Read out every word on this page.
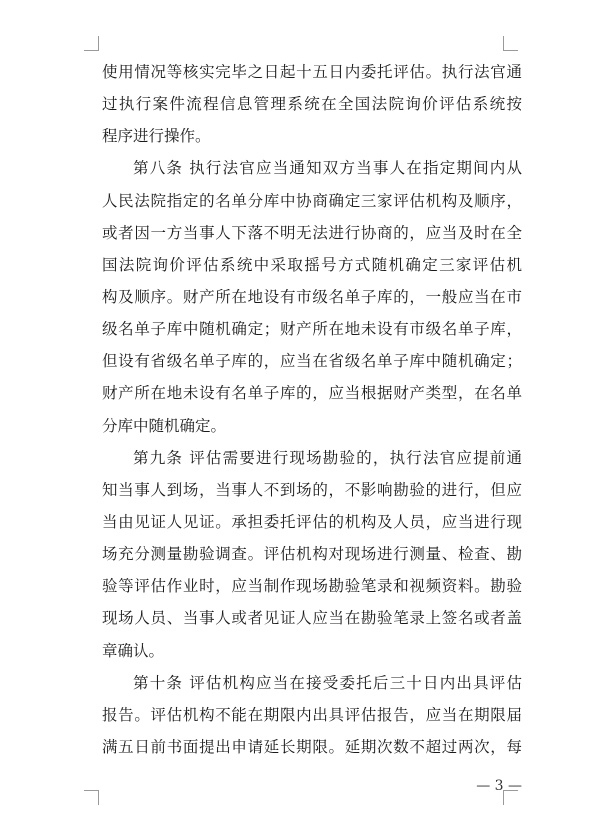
使用情况等核实完毕之日起十五日内委托评估。执行法官通
过执行案件流程信息管理系统在全国法院询价评估系统按
程序进行操作。
第八条 执行法官应当通知双方当事人在指定期间内从
人民法院指定的名单分库中协商确定三家评估机构及顺序，
或者因一方当事人下落不明无法进行协商的，应当及时在全
国法院询价评估系统中采取摇号方式随机确定三家评估机
构及顺序。财产所在地设有市级名单子库的，一般应当在市
级名单子库中随机确定；财产所在地未设有市级名单子库，
但设有省级名单子库的，应当在省级名单子库中随机确定；
财产所在地未设有名单子库的，应当根据财产类型，在名单
分库中随机确定。
第九条 评估需要进行现场勘验的，执行法官应提前通
知当事人到场，当事人不到场的，不影响勘验的进行，但应
当由见证人见证。承担委托评估的机构及人员，应当进行现
场充分测量勘验调查。评估机构对现场进行测量、检查、勘
验等评估作业时，应当制作现场勘验笔录和视频资料。勘验
现场人员、当事人或者见证人应当在勘验笔录上签名或者盖
章确认。
第十条 评估机构应当在接受委托后三十日内出具评估
报告。评估机构不能在期限内出具评估报告，应当在期限届
满五日前书面提出申请延长期限。延期次数不超过两次，每
— 3 —
